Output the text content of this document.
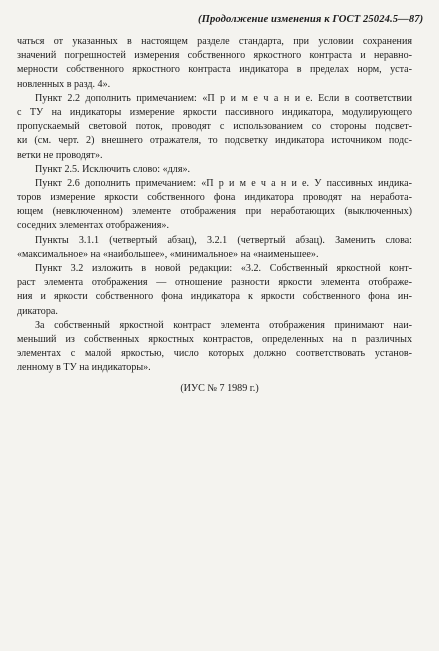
(Продолжение изменения к ГОСТ 25024.5—87)
чаться от указанных в настоящем разделе стандарта, при условии сохранения
значений погрешностей измерения собственного яркостного контраста и неравно-
мерности собственного яркостного контраста индикатора в пределах норм, уста-
новленных в разд. 4».
Пункт 2.2 дополнить примечанием: «П р и м е ч а н и е. Если в соответствии
с ТУ на индикаторы измерение яркости пассивного индикатора, модулирующего
пропускаемый световой поток, проводят с использованием со стороны подсвет-
ки (см. черт. 2) внешнего отражателя, то подсветку индикатора источником подс-
ветки не проводят».
Пункт 2.5. Исключить слово: «для».
Пункт 2.6 дополнить примечанием: «П р и м е ч а н и е. У пассивных индика-
торов измерение яркости собственного фона индикатора проводят на неработа-
ющем (невключенном) элементе отображения при неработающих (выключенных)
соседних элементах отображения».
Пункты 3.1.1 (четвертый абзац), 3.2.1 (четвертый абзац). Заменить слова:
«максимальное» на «наибольшее», «минимальное» на «наименьшее».
Пункт 3.2 изложить в новой редакции: «3.2. Собственный яркостной конт-
раст элемента отображения — отношение разности яркости элемента отображе-
ния и яркости собственного фона индикатора к яркости собственного фона ин-
дикатора.
За собственный яркостной контраст элемента отображения принимают наи-
меньший из собственных яркостных контрастов, определенных на n различных
элементах с малой яркостью, число которых должно соответствовать установ-
ленному в ТУ на индикаторы».
(ИУС № 7 1989 г.)
